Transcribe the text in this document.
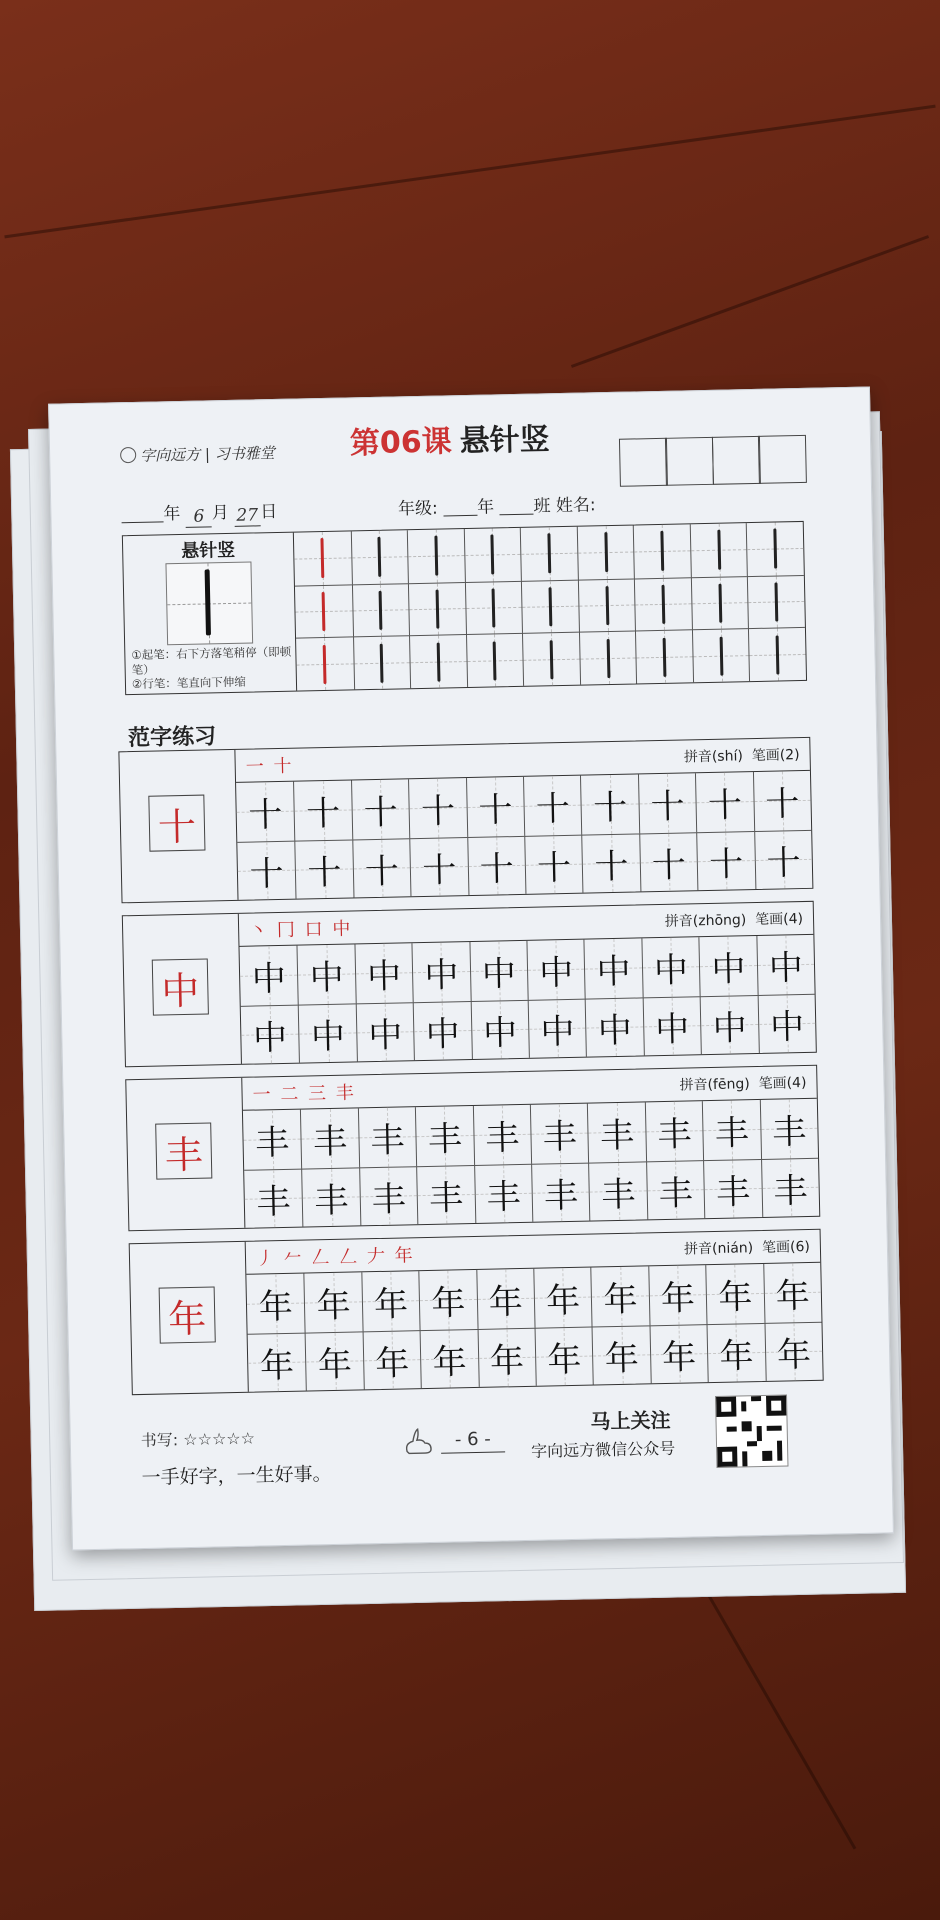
字向远方 | 习书雅堂 第06课 悬针竖
年 6 月 27 日	年级: 年 班 姓名:
悬针竖
①起笔：右下方落笔稍停（即顿笔）
②行笔：笔直向下伸缩
范字练习
十
一 十	拼音(shí) 笔画(2)
十 十 十 十 十 十 十 十 十 十
十 十 十 十 十 十 十 十 十 十
中
丶 冂 口 中	拼音(zhōng) 笔画(4)
中 中 中 中 中 中 中 中 中 中
中 中 中 中 中 中 中 中 中 中
丰
一 二 三 丰	拼音(fēng) 笔画(4)
丰 丰 丰 丰 丰 丰 丰 丰 丰 丰
丰 丰 丰 丰 丰 丰 丰 丰 丰 丰
年
丿 𠂉 𠃋 𠃋 𠂇 年	拼音(nián) 笔画(6)
年 年 年 年 年 年 年 年 年 年
年 年 年 年 年 年 年 年 年 年
书写: ☆☆☆☆☆
一手好字，一生好事。
- 6 -
马上关注
字向远方微信公众号
